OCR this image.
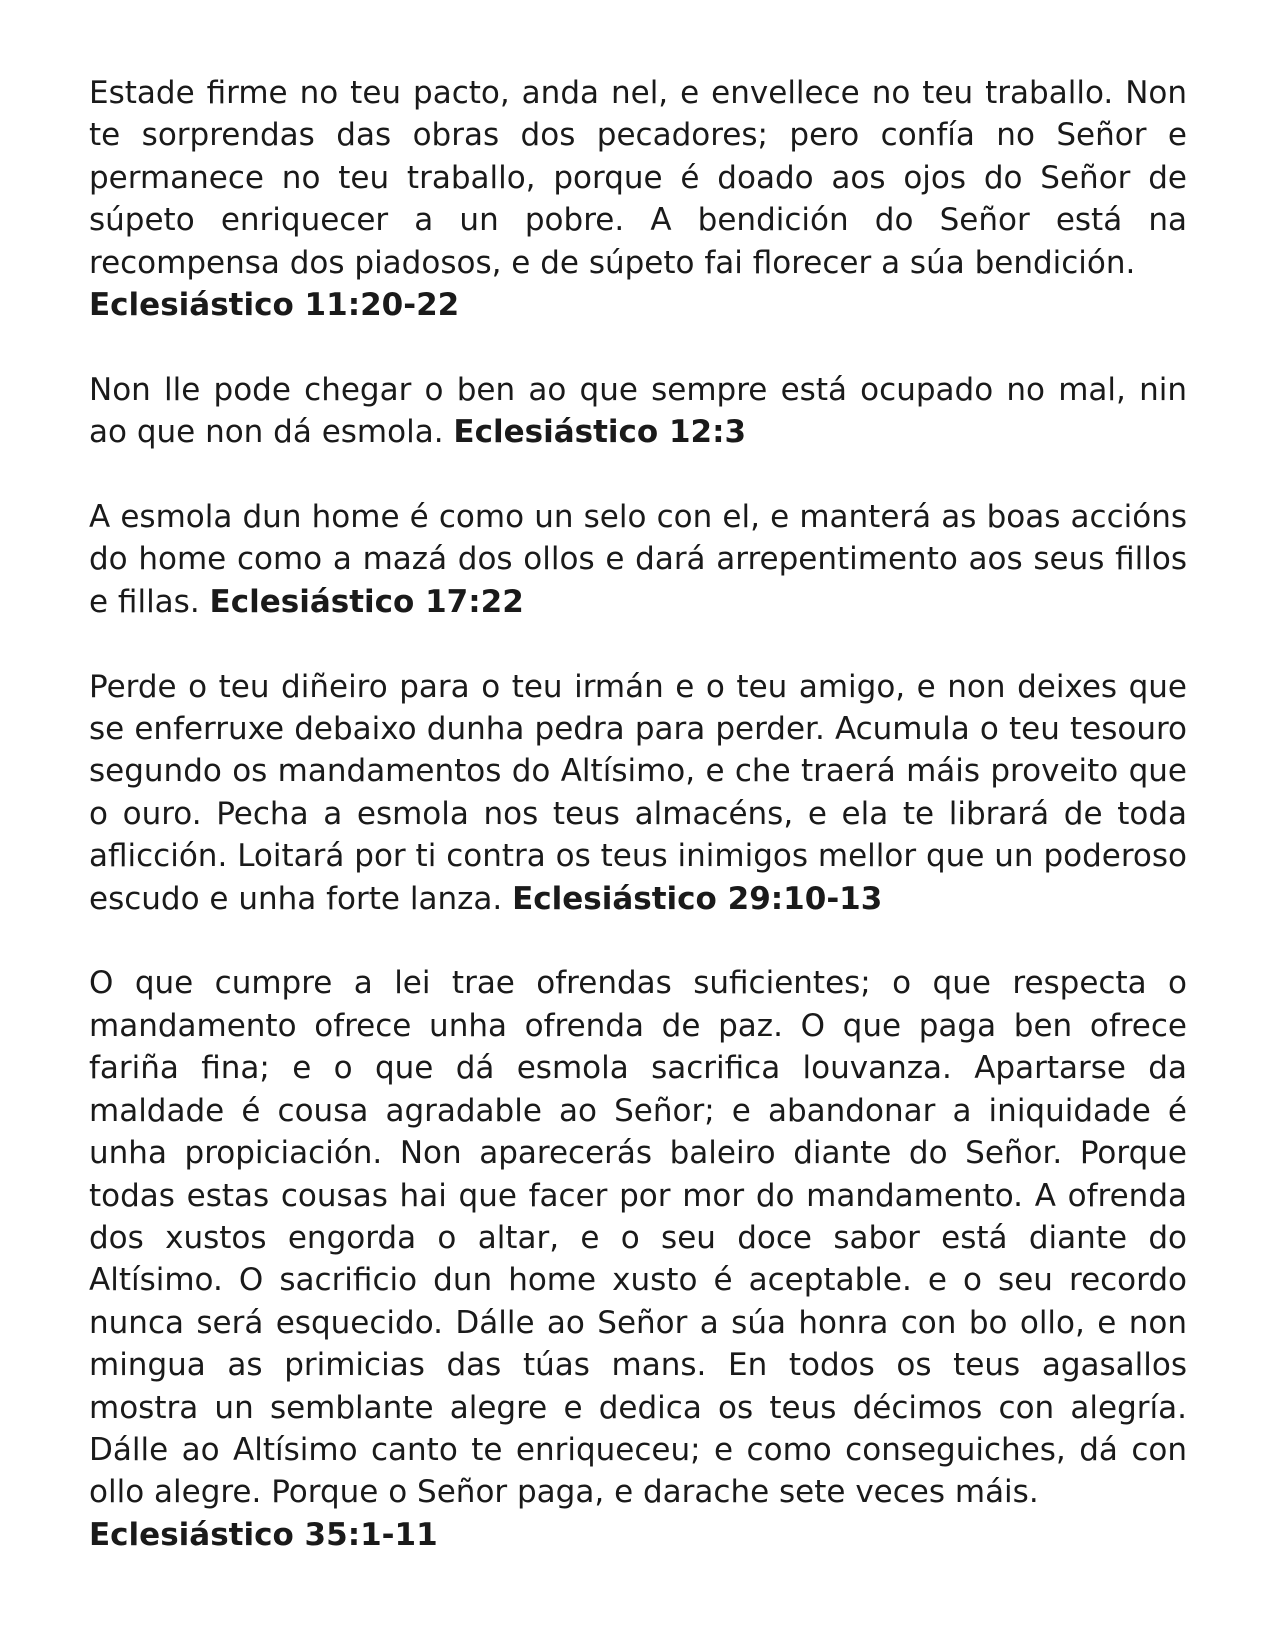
Estade firme no teu pacto, anda nel, e envellece no teu traballo. Non te sorprendas das obras dos pecadores; pero confía no Señor e permanece no teu traballo, porque é doado aos ojos do Señor de súpeto enriquecer a un pobre. A bendición do Señor está na recompensa dos piadosos, e de súpeto fai florecer a súa bendición.
Eclesiástico 11:20-22

Non lle pode chegar o ben ao que sempre está ocupado no mal, nin ao que non dá esmola. Eclesiástico 12:3

A esmola dun home é como un selo con el, e manterá as boas accións do home como a mazá dos ollos e dará arrepentimento aos seus fillos e fillas. Eclesiástico 17:22

Perde o teu diñeiro para o teu irmán e o teu amigo, e non deixes que se enferruxe debaixo dunha pedra para perder. Acumula o teu tesouro segundo os mandamentos do Altísimo, e che traerá máis proveito que o ouro. Pecha a esmola nos teus almacéns, e ela te librará de toda aflicción. Loitará por ti contra os teus inimigos mellor que un poderoso escudo e unha forte lanza. Eclesiástico 29:10-13

O que cumpre a lei trae ofrendas suficientes; o que respecta o mandamento ofrece unha ofrenda de paz. O que paga ben ofrece fariña fina; e o que dá esmola sacrifica louvanza. Apartarse da maldade é cousa agradable ao Señor; e abandonar a iniquidade é unha propiciación. Non aparecerás baleiro diante do Señor. Porque todas estas cousas hai que facer por mor do mandamento. A ofrenda dos xustos engorda o altar, e o seu doce sabor está diante do Altísimo. O sacrificio dun home xusto é aceptable. e o seu recordo nunca será esquecido. Dálle ao Señor a súa honra con bo ollo, e non mingua as primicias das túas mans. En todos os teus agasallos mostra un semblante alegre e dedica os teus décimos con alegría. Dálle ao Altísimo canto te enriqueceu; e como conseguiches, dá con ollo alegre. Porque o Señor paga, e darache sete veces máis.
Eclesiástico 35:1-11
